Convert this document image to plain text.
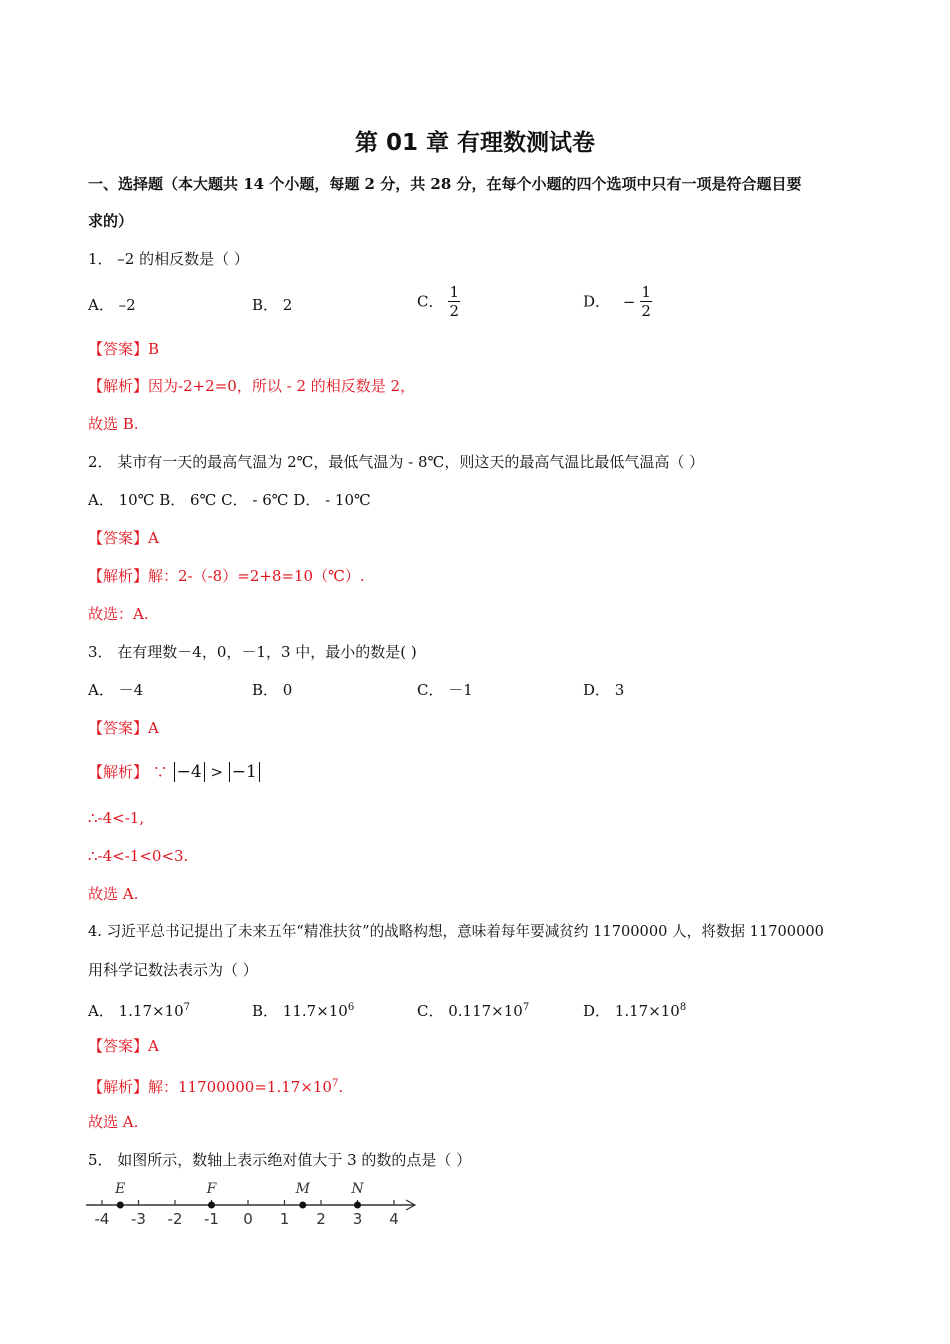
第 01 章 有理数测试卷
一、选择题（本大题共 14 个小题，每题 2 分，共 28 分，在每个小题的四个选项中只有一项是符合题目要
求的）
1． –2 的相反数是（ ）
A． –2	B． 2	C． $\frac{1}{2}$	D． − $\frac{1}{2}$
【答案】B
【解析】因为-2+2=0，所以 - 2 的相反数是 2，
故选 B.
2． 某市有一天的最高气温为 2℃，最低气温为 - 8℃，则这天的最高气温比最低气温高（ ）
A． 10℃ B． 6℃ C． - 6℃ D． - 10℃
【答案】A
【解析】解：2-（-8）=2+8=10（℃）.
故选：A.
3． 在有理数－4，0，－1，3 中，最小的数是( )
A． －4	B． 0	C． －1	D． 3
【答案】A
【解析】 ∵ −4 > −1
∴-4<-1,
∴-4<-1<0<3.
故选 A.
4. 习近平总书记提出了未来五年“精准扶贫”的战略构想，意味着每年要减贫约 11700000 人，将数据 11700000
用科学记数法表示为（ ）
A． $1.17\times 10^7$	B． $11.7\times 10^6$	C． $0.117\times 10^7$	D． $1.17\times 10^8$
【答案】A
【解析】解：$11700000=1.17\times 10^7$.
故选 A.
5． 如图所示，数轴上表示绝对值大于 3 的数的点是（ ）
-4 -3 -2 -1 0 1 2 3 4
E	F	M	N
